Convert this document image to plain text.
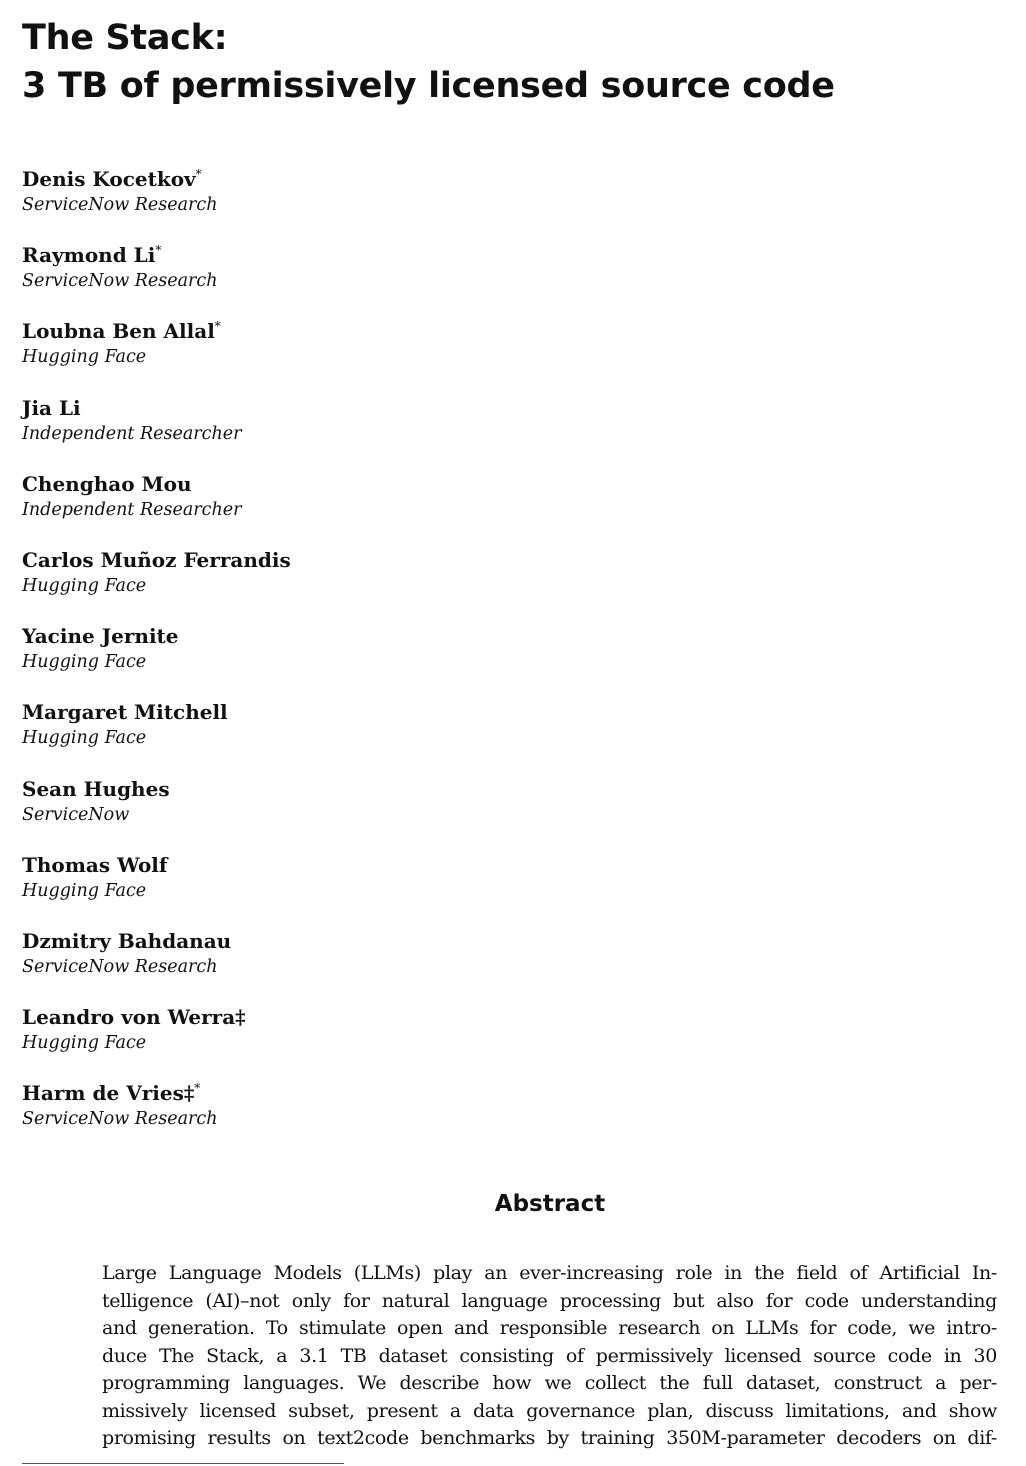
The Stack:
3 TB of permissively licensed source code
Denis Kocetkov*
ServiceNow Research
Raymond Li*
ServiceNow Research
Loubna Ben Allal*
Hugging Face
Jia Li
Independent Researcher
Chenghao Mou
Independent Researcher
Carlos Muñoz Ferrandis
Hugging Face
Yacine Jernite
Hugging Face
Margaret Mitchell
Hugging Face
Sean Hughes
ServiceNow
Thomas Wolf
Hugging Face
Dzmitry Bahdanau
ServiceNow Research
Leandro von Werra‡
Hugging Face
Harm de Vries‡*
ServiceNow Research
Abstract
Large Language Models (LLMs) play an ever-increasing role in the field of Artificial In-
telligence (AI)–not only for natural language processing but also for code understanding
and generation. To stimulate open and responsible research on LLMs for code, we intro-
duce The Stack, a 3.1 TB dataset consisting of permissively licensed source code in 30
programming languages. We describe how we collect the full dataset, construct a per-
missively licensed subset, present a data governance plan, discuss limitations, and show
promising results on text2code benchmarks by training 350M-parameter decoders on dif-
